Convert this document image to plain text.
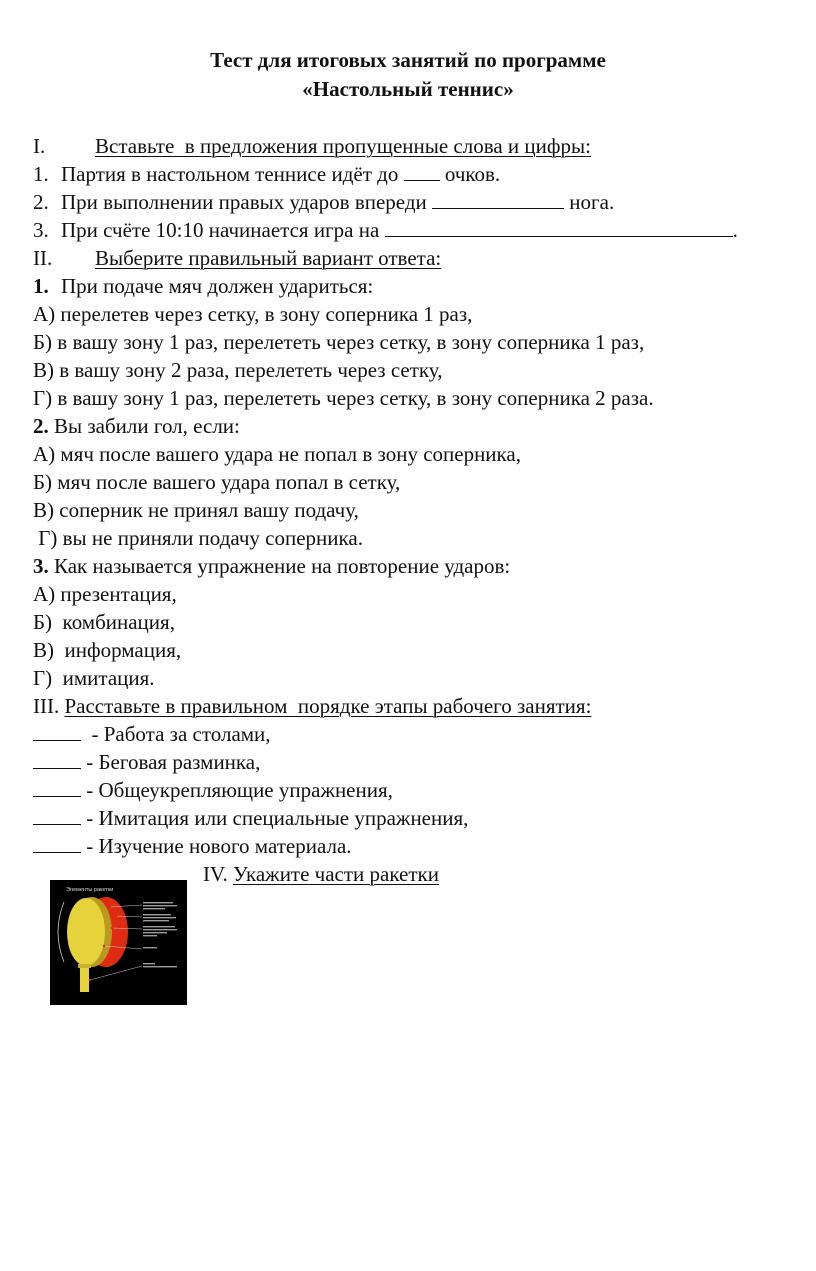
Тест для итоговых занятий по программе
«Настольный теннис»
I. Вставьте  в предложения пропущенные слова и цифры:
1. Партия в настольном теннисе идёт до очков.
2. При выполнении правых ударов впереди	нога.
3. При счёте 10:10 начинается игра на	.
II. Выберите правильный вариант ответа:
1. При подаче мяч должен удариться:
А) перелетев через сетку, в зону соперника 1 раз,
Б) в вашу зону 1 раз, перелететь через сетку, в зону соперника 1 раз,
В) в вашу зону 2 раза, перелететь через сетку,
Г) в вашу зону 1 раз, перелететь через сетку, в зону соперника 2 раза.
2. Вы забили гол, если:
А) мяч после вашего удара не попал в зону соперника,
Б) мяч после вашего удара попал в сетку,
В) соперник не принял вашу подачу,
Г) вы не приняли подачу соперника.
3. Как называется упражнение на повторение ударов:
А) презентация,
Б)  комбинация,
В)  информация,
Г)  имитация.
III. Расставьте в правильном  порядке этапы рабочего занятия:
- Работа за столами,
- Беговая разминка,
- Общеукрепляющие упражнения,
- Имитация или специальные упражнения,
- Изучение нового материала.
IV. Укажите части ракетки
Элементы ракетки
